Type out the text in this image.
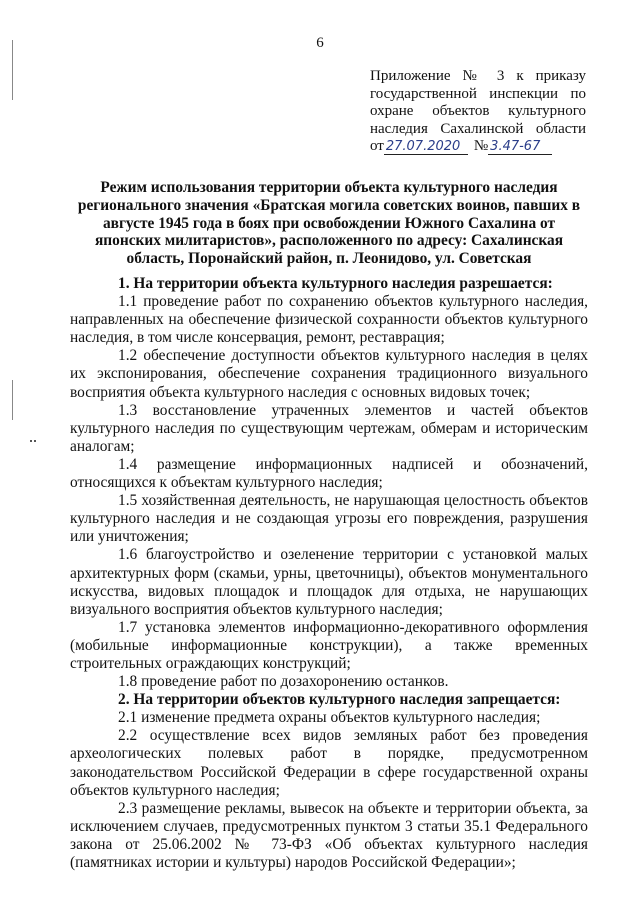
6
Приложение № 3 к приказу
государственной инспекции по
охране объектов культурного
наследия Сахалинской области
от 27.07.2020 № 3.47-67
Режим использования территории объекта культурного наследия регионального значения «Братская могила советских воинов, павших в августе 1945 года в боях при освобождении Южного Сахалина от японских милитаристов», расположенного по адресу: Сахалинская область, Поронайский район, п. Леонидово, ул. Советская
1. На территории объекта культурного наследия разрешается:

1.1 проведение работ по сохранению объектов культурного наследия, направленных на обеспечение физической сохранности объектов культурного наследия, в том числе консервация, ремонт, реставрация;

1.2 обеспечение доступности объектов культурного наследия в целях их экспонирования, обеспечение сохранения традиционного визуального восприятия объекта культурного наследия с основных видовых точек;

1.3 восстановление утраченных элементов и частей объектов культурного наследия по существующим чертежам, обмерам и историческим аналогам;

1.4 размещение информационных надписей и обозначений, относящихся к объектам культурного наследия;

1.5 хозяйственная деятельность, не нарушающая целостность объектов культурного наследия и не создающая угрозы его повреждения, разрушения или уничтожения;

1.6 благоустройство и озеленение территории с установкой малых архитектурных форм (скамьи, урны, цветочницы), объектов монументального искусства, видовых площадок и площадок для отдыха, не нарушающих визуального восприятия объектов культурного наследия;

1.7 установка элементов информационно-декоративного оформления (мобильные информационные конструкции), а также временных строительных ограждающих конструкций;

1.8 проведение работ по дозахоронению останков.

2. На территории объектов культурного наследия запрещается:

2.1 изменение предмета охраны объектов культурного наследия;

2.2 осуществление всех видов земляных работ без проведения археологических полевых работ в порядке, предусмотренном законодательством Российской Федерации в сфере государственной охраны объектов культурного наследия;

2.3 размещение рекламы, вывесок на объекте и территории объекта, за исключением случаев, предусмотренных пунктом 3 статьи 35.1 Федерального закона от 25.06.2002 № 73-ФЗ «Об объектах культурного наследия (памятниках истории и культуры) народов Российской Федерации»;
